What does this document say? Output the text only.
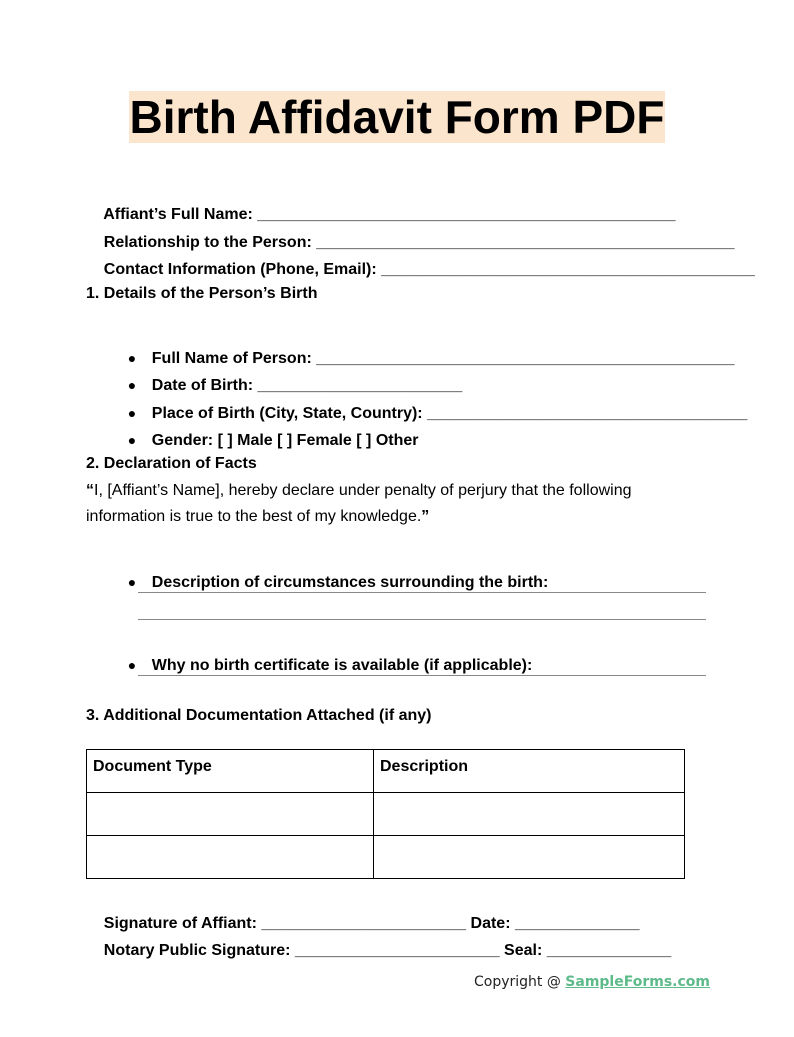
Birth Affidavit Form PDF

Affiant’s Full Name: _______________________________________________

Relationship to the Person: _______________________________________________

Contact Information (Phone, Email): __________________________________________

1. Details of the Person’s Birth

● Full Name of Person: _______________________________________________

● Date of Birth: _______________________

● Place of Birth (City, State, Country): ____________________________________

● Gender: [ ] Male [ ] Female [ ] Other

2. Declaration of Facts
“I, [Affiant’s Name], hereby declare under penalty of perjury that the following information is true to the best of my knowledge.”

● Description of circumstances surrounding the birth:

● Why no birth certificate is available (if applicable):

3. Additional Documentation Attached (if any)
Document Type	Description

Signature of Affiant: _______________________ Date: ______________

Notary Public Signature: _______________________ Seal: ______________

Copyright @ SampleForms.com
